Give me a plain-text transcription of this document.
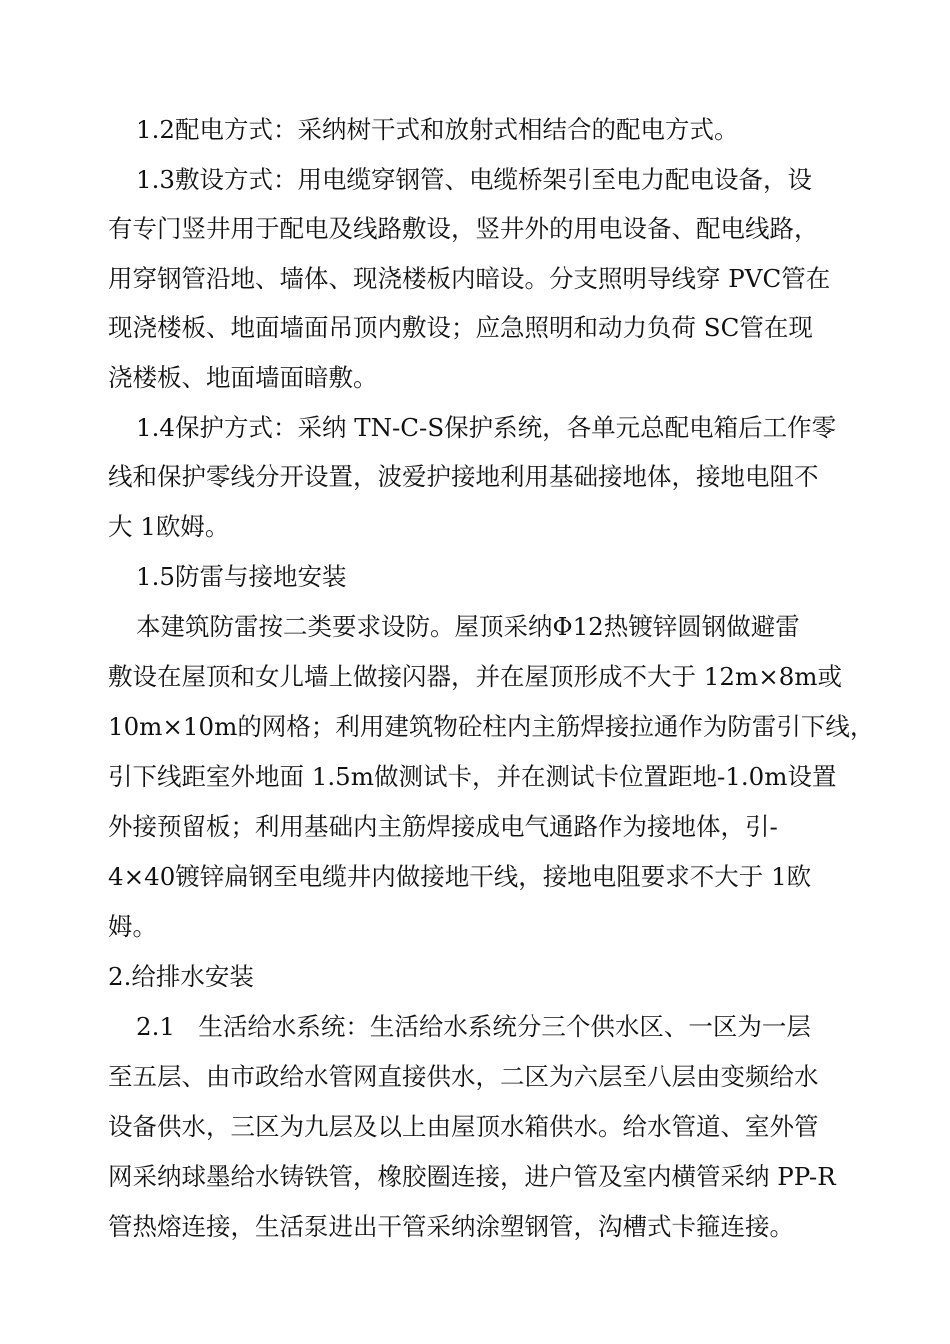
1.2配电方式：采纳树干式和放射式相结合的配电方式。
1.3敷设方式：用电缆穿钢管、电缆桥架引至电力配电设备，设
有专门竖井用于配电及线路敷设，竖井外的用电设备、配电线路，
用穿钢管沿地、墙体、现浇楼板内暗设。分支照明导线穿 PVC管在
现浇楼板、地面墙面吊顶内敷设；应急照明和动力负荷 SC管在现
浇楼板、地面墙面暗敷。
1.4保护方式：采纳 TN-C-S保护系统，各单元总配电箱后工作零
线和保护零线分开设置，波爱护接地利用基础接地体，接地电阻不
大 1欧姆。
1.5防雷与接地安装
本建筑防雷按二类要求设防。屋顶采纳Φ12热镀锌圆钢做避雷
敷设在屋顶和女儿墙上做接闪器，并在屋顶形成不大于 12m×8m或
10m×10m的网格；利用建筑物砼柱内主筋焊接拉通作为防雷引下线，
引下线距室外地面 1.5m做测试卡，并在测试卡位置距地-1.0m设置
外接预留板；利用基础内主筋焊接成电气通路作为接地体，引-
4×40镀锌扁钢至电缆井内做接地干线，接地电阻要求不大于 1欧
姆。
2.给排水安装
2.1   生活给水系统：生活给水系统分三个供水区、一区为一层
至五层、由市政给水管网直接供水，二区为六层至八层由变频给水
设备供水，三区为九层及以上由屋顶水箱供水。给水管道、室外管
网采纳球墨给水铸铁管，橡胶圈连接，进户管及室内横管采纳 PP-R
管热熔连接，生活泵进出干管采纳涂塑钢管，沟槽式卡箍连接。
